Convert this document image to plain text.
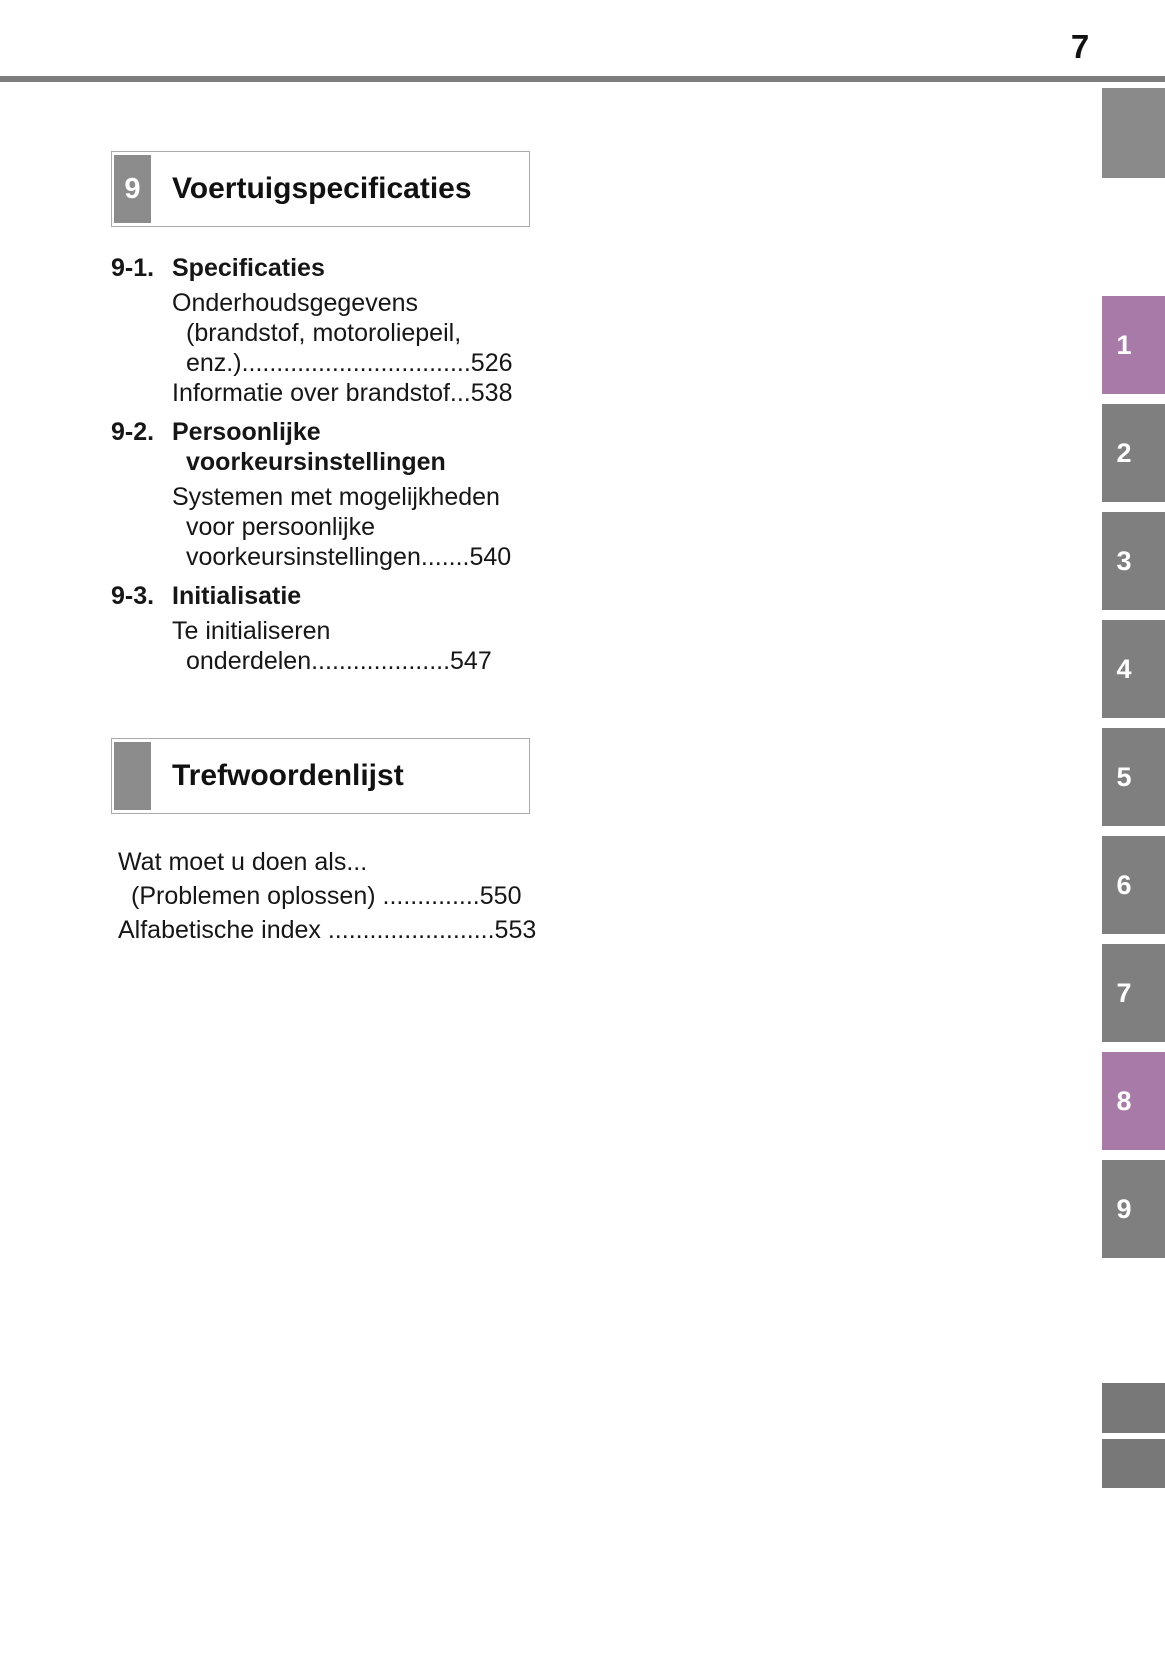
7
9 Voertuigspecificaties
9-1. Specificaties
Onderhoudsgegevens
(brandstof, motoroliepeil,
enz.).................................526
Informatie over brandstof...538
9-2. Persoonlijke
voorkeursinstellingen
Systemen met mogelijkheden
voor persoonlijke
voorkeursinstellingen.......540
9-3. Initialisatie
Te initialiseren
onderdelen....................547
Trefwoordenlijst
Wat moet u doen als...
(Problemen oplossen) ..............550
Alfabetische index ........................553
1
2
3
4
5
6
7
8
9
